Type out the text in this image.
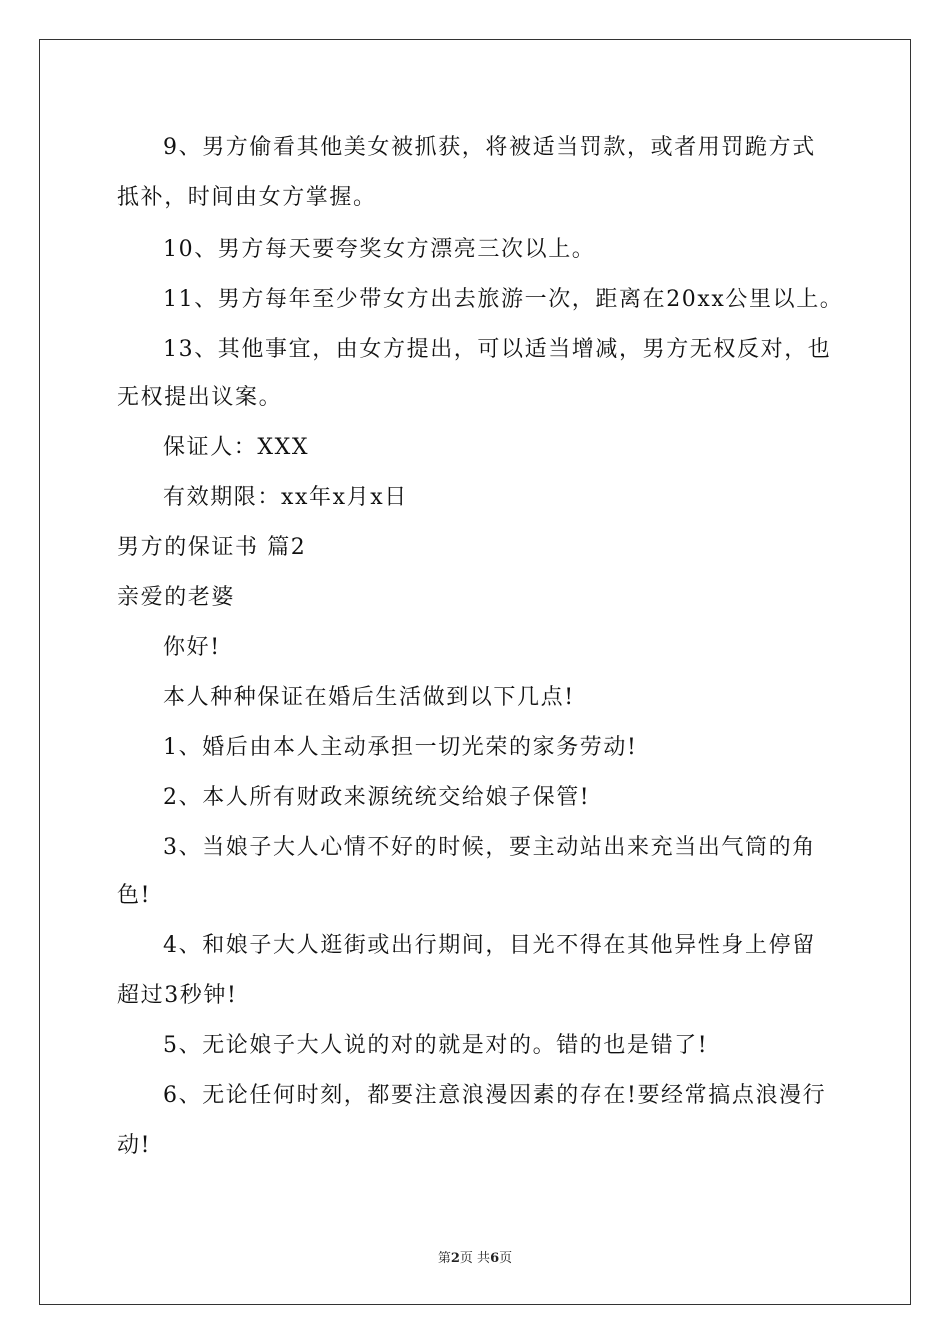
9、男方偷看其他美女被抓获，将被适当罚款，或者用罚跪方式
抵补，时间由女方掌握。
10、男方每天要夸奖女方漂亮三次以上。
11、男方每年至少带女方出去旅游一次，距离在20xx公里以上。
13、其他事宜，由女方提出，可以适当增减，男方无权反对，也
无权提出议案。
保证人：XXX
有效期限：xx年x月x日
男方的保证书 篇2
亲爱的老婆
你好!
本人种种保证在婚后生活做到以下几点!
1、婚后由本人主动承担一切光荣的家务劳动!
2、本人所有财政来源统统交给娘子保管!
3、当娘子大人心情不好的时候，要主动站出来充当出气筒的角
色!
4、和娘子大人逛街或出行期间，目光不得在其他异性身上停留
超过3秒钟!
5、无论娘子大人说的对的就是对的。错的也是错了!
6、无论任何时刻，都要注意浪漫因素的存在!要经常搞点浪漫行
动!
第2页 共6页
